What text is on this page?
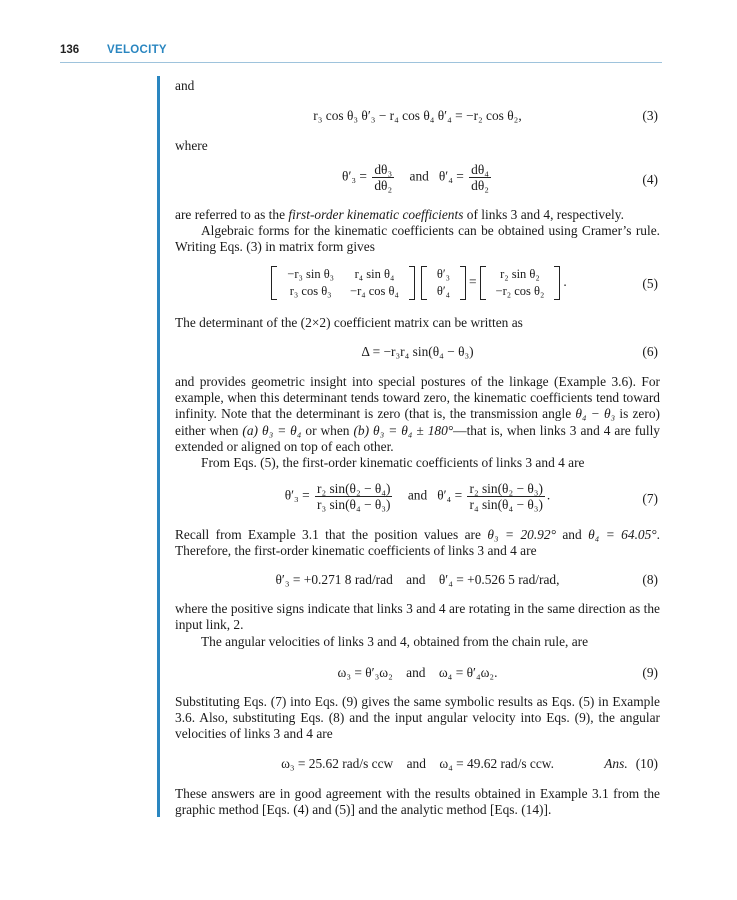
136 VELOCITY
and
r₃ cos θ₃ θ′₃ − r₄ cos θ₄ θ′₄ = −r₂ cos θ₂,	(3)
where
$\theta'_3 = \frac{\text{dθ₃}}{\text{dθ₂}}$ and $\theta'_4 = \frac{\text{dθ₄}}{\text{dθ₂}}$	(4)
are referred to as the first-order kinematic coefficients of links 3 and 4, respectively.
Algebraic forms for the kinematic coefficients can be obtained using Cramer’s rule. Writing Eqs. (3) in matrix form gives
−r₃ sin θ₃	r₄ sin θ₄
r₃ cos θ₃	−r₄ cos θ₄
θ′₃
θ′₄
=
r₂ sin θ₂
−r₂ cos θ₂
.	(5)
The determinant of the (2×2) coefficient matrix can be written as
Δ = −r₃r₄ sin(θ₄ − θ₃)	(6)
and provides geometric insight into special postures of the linkage (Example 3.6). For example, when this determinant tends toward zero, the kinematic coefficients tend toward infinity. Note that the determinant is zero (that is, the transmission angle θ₄ − θ₃ is zero) either when (a) θ₃ = θ₄ or when (b) θ₃ = θ₄ ± 180°—that is, when links 3 and 4 are fully extended or aligned on top of each other.
From Eqs. (5), the first-order kinematic coefficients of links 3 and 4 are
$\theta'_3 = \frac{\text{r₂ sin(θ₂ − θ₄)}}{\text{r₃ sin(θ₄ − θ₃)}}$ and $\theta'_4 = \frac{\text{r₂ sin(θ₂ − θ₃)}}{\text{r₄ sin(θ₄ − θ₃)}}$ .	(7)
Recall from Example 3.1 that the position values are θ₃ = 20.92° and θ₄ = 64.05°. Therefore, the first-order kinematic coefficients of links 3 and 4 are
θ′₃ = +0.271 8 rad/rad    and    θ′₄ = +0.526 5 rad/rad,	(8)
where the positive signs indicate that links 3 and 4 are rotating in the same direction as the input link, 2.
The angular velocities of links 3 and 4, obtained from the chain rule, are
ω₃ = θ′₃ω₂    and    ω₄ = θ′₄ω₂.	(9)
Substituting Eqs. (7) into Eqs. (9) gives the same symbolic results as Eqs. (5) in Example 3.6. Also, substituting Eqs. (8) and the input angular velocity into Eqs. (9), the angular velocities of links 3 and 4 are
ω₃ = 25.62 rad/s ccw    and    ω₄ = 49.62 rad/s ccw.	Ans. (10)
These answers are in good agreement with the results obtained in Example 3.1 from the graphic method [Eqs. (4) and (5)] and the analytic method [Eqs. (14)].
